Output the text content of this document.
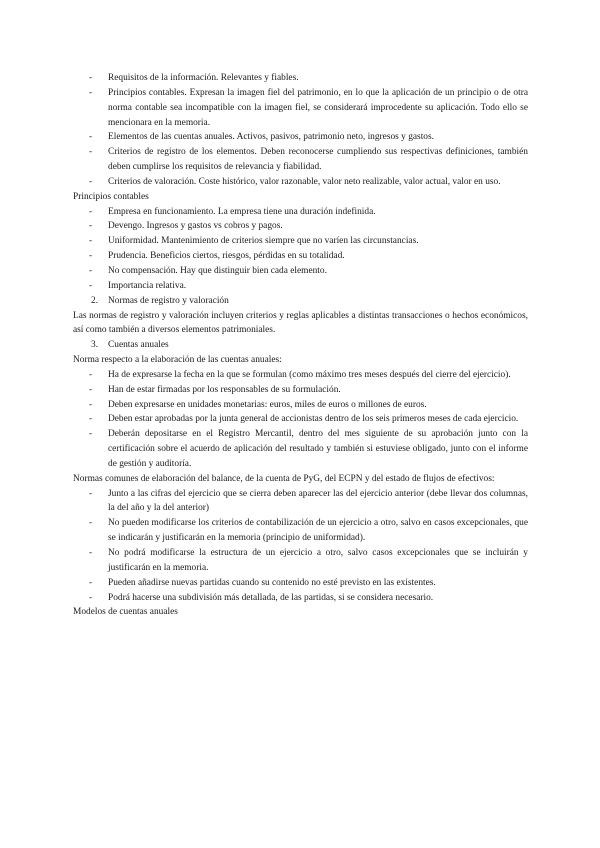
- Requisitos de la información. Relevantes y fiables.
- Principios contables. Expresan la imagen fiel del patrimonio, en lo que la aplicación de un principio o de otra norma contable sea incompatible con la imagen fiel, se considerará improcedente su aplicación. Todo ello se mencionara en la memoria.
- Elementos de las cuentas anuales. Activos, pasivos, patrimonio neto, ingresos y gastos.
- Criterios de registro de los elementos. Deben reconocerse cumpliendo sus respectivas definiciones, también deben cumplirse los requisitos de relevancia y fiabilidad.
- Criterios de valoración. Coste histórico, valor razonable, valor neto realizable, valor actual, valor en uso.
Principios contables
- Empresa en funcionamiento. La empresa tiene una duración indefinida.
- Devengo. Ingresos y gastos vs cobros y pagos.
- Uniformidad. Mantenimiento de criterios siempre que no varíen las circunstancias.
- Prudencia. Beneficios ciertos, riesgos, pérdidas en su totalidad.
- No compensación. Hay que distinguir bien cada elemento.
- Importancia relativa.
2. Normas de registro y valoración
Las normas de registro y valoración incluyen criterios y reglas aplicables a distintas transacciones o hechos económicos, así como también a diversos elementos patrimoniales.
3. Cuentas anuales
Norma respecto a la elaboración de las cuentas anuales:
- Ha de expresarse la fecha en la que se formulan (como máximo tres meses después del cierre del ejercicio).
- Han de estar firmadas por los responsables de su formulación.
- Deben expresarse en unidades monetarias: euros, miles de euros o millones de euros.
- Deben estar aprobadas por la junta general de accionistas dentro de los seis primeros meses de cada ejercicio.
- Deberán depositarse en el Registro Mercantil, dentro del mes siguiente de su aprobación junto con la certificación sobre el acuerdo de aplicación del resultado y también si estuviese obligado, junto con el informe de gestión y auditoría.
Normas comunes de elaboración del balance, de la cuenta de PyG, del ECPN y del estado de flujos de efectivos:
- Junto a las cifras del ejercicio que se cierra deben aparecer las del ejercicio anterior (debe llevar dos columnas, la del año y la del anterior)
- No pueden modificarse los criterios de contabilización de un ejercicio a otro, salvo en casos excepcionales, que se indicarán y justificarán en la memoria (principio de uniformidad).
- No podrá modificarse la estructura de un ejercicio a otro, salvo casos excepcionales que se incluirán y justificarán en la memoria.
- Pueden añadirse nuevas partidas cuando su contenido no esté previsto en las existentes.
- Podrá hacerse una subdivisión más detallada, de las partidas, si se considera necesario.
Modelos de cuentas anuales
